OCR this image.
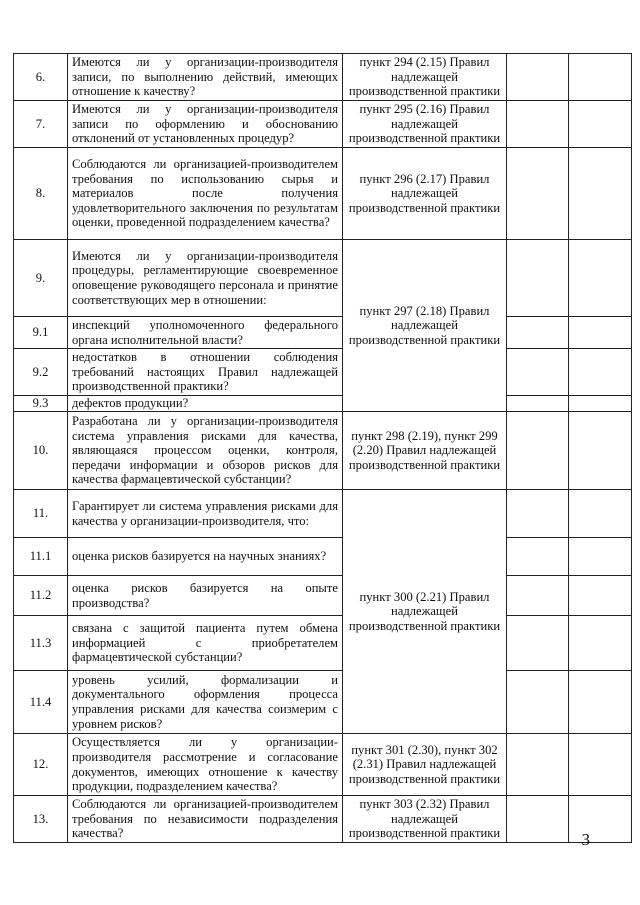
6.	Имеются ли у организации-производителя записи, по выполнению действий, имеющих отношение к качеству?	пункт 294 (2.15) Правил надлежащей производственной практики		
7.	Имеются ли у организации-производителя записи по оформлению и обоснованию отклонений от установленных процедур?	пункт 295 (2.16) Правил надлежащей производственной практики		
8.	Соблюдаются ли организацией-производителем требования по использованию сырья и материалов после получения удовлетворительного заключения по результатам оценки, проведенной подразделением качества?	пункт 296 (2.17) Правил надлежащей производственной практики		
9.	Имеются ли у организации-производителя процедуры, регламентирующие своевременное оповещение руководящего персонала и принятие соответствующих мер в отношении:	пункт 297 (2.18) Правил надлежащей производственной практики		
9.1	инспекций уполномоченного федерального органа исполнительной власти?			
9.2	недостатков в отношении соблюдения требований настоящих Правил надлежащей производственной практики?			
9.3	дефектов продукции?			
10.	Разработана ли у организации-производителя система управления рисками для качества, являющаяся процессом оценки, контроля, передачи информации и обзоров рисков для качества фармацевтической субстанции?	пункт 298 (2.19), пункт 299 (2.20) Правил надлежащей производственной практики		
11.	Гарантирует ли система управления рисками для качества у организации-производителя, что:	пункт 300 (2.21) Правил надлежащей производственной практики		
11.1	оценка рисков базируется на научных знаниях?			
11.2	оценка рисков базируется на опыте производства?			
11.3	связана с защитой пациента путем обмена информацией с приобретателем фармацевтической субстанции?			
11.4	уровень усилий, формализации и документального оформления процесса управления рисками для качества соизмерим с уровнем рисков?			
12.	Осуществляется ли у организации-производителя рассмотрение и согласование документов, имеющих отношение к качеству продукции, подразделением качества?	пункт 301 (2.30), пункт 302 (2.31) Правил надлежащей производственной практики		
13.	Соблюдаются ли организацией-производителем требования по независимости подразделения качества?	пункт 303 (2.32) Правил надлежащей производственной практики			3
